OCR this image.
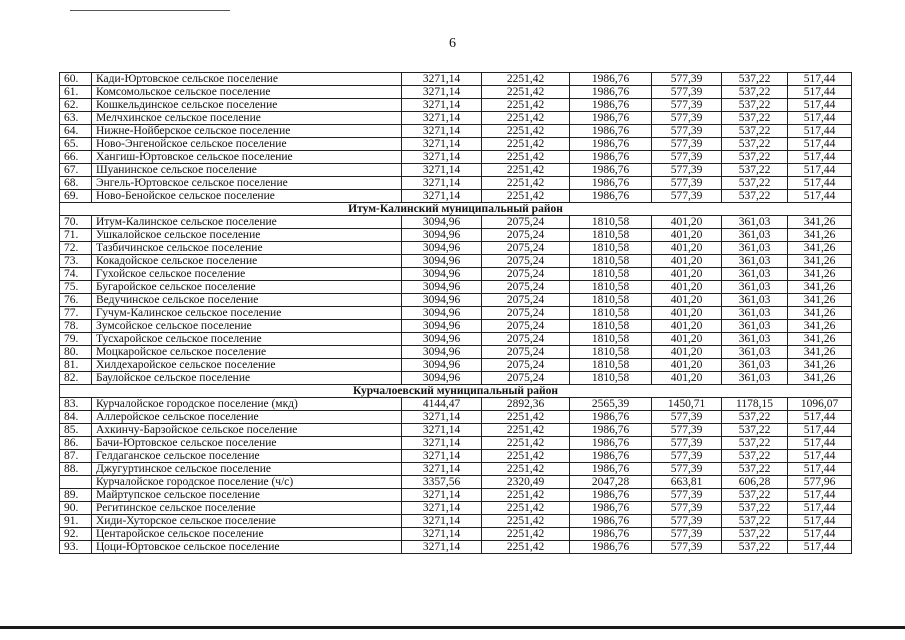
6
60.	Кади-Юртовское сельское поселение	3271,14	2251,42	1986,76	577,39	537,22	517,44
61.	Комсомольское сельское поселение	3271,14	2251,42	1986,76	577,39	537,22	517,44
62.	Кошкельдинское сельское поселение	3271,14	2251,42	1986,76	577,39	537,22	517,44
63.	Мелчхинское сельское поселение	3271,14	2251,42	1986,76	577,39	537,22	517,44
64.	Нижне-Нойберское сельское поселение	3271,14	2251,42	1986,76	577,39	537,22	517,44
65.	Ново-Энгенойское сельское поселение	3271,14	2251,42	1986,76	577,39	537,22	517,44
66.	Хангиш-Юртовское сельское поселение	3271,14	2251,42	1986,76	577,39	537,22	517,44
67.	Шуанинское сельское поселение	3271,14	2251,42	1986,76	577,39	537,22	517,44
68.	Энгель-Юртовское сельское поселение	3271,14	2251,42	1986,76	577,39	537,22	517,44
69.	Ново-Бенойское сельское поселение	3271,14	2251,42	1986,76	577,39	537,22	517,44
Итум-Калинский муниципальный район							
70.	Итум-Калинское сельское поселение	3094,96	2075,24	1810,58	401,20	361,03	341,26
71.	Ушкалойское сельское поселение	3094,96	2075,24	1810,58	401,20	361,03	341,26
72.	Тазбичинское сельское поселение	3094,96	2075,24	1810,58	401,20	361,03	341,26
73.	Кокадойское сельское поселение	3094,96	2075,24	1810,58	401,20	361,03	341,26
74.	Гухойское сельское поселение	3094,96	2075,24	1810,58	401,20	361,03	341,26
75.	Бугаройское сельское поселение	3094,96	2075,24	1810,58	401,20	361,03	341,26
76.	Ведучинское сельское поселение	3094,96	2075,24	1810,58	401,20	361,03	341,26
77.	Гучум-Калинское сельское поселение	3094,96	2075,24	1810,58	401,20	361,03	341,26
78.	Зумсойское сельское поселение	3094,96	2075,24	1810,58	401,20	361,03	341,26
79.	Тусхаройское сельское поселение	3094,96	2075,24	1810,58	401,20	361,03	341,26
80.	Моцкаройское сельское поселение	3094,96	2075,24	1810,58	401,20	361,03	341,26
81.	Хилдехаройское сельское поселение	3094,96	2075,24	1810,58	401,20	361,03	341,26
82.	Баулойское сельское поселение	3094,96	2075,24	1810,58	401,20	361,03	341,26
Курчалоевский муниципальный район							
83.	Курчалойское городское поселение (мкд)	4144,47	2892,36	2565,39	1450,71	1178,15	1096,07
84.	Аллеройское сельское поселение	3271,14	2251,42	1986,76	577,39	537,22	517,44
85.	Ахкинчу-Барзойское сельское поселение	3271,14	2251,42	1986,76	577,39	537,22	517,44
86.	Бачи-Юртовское сельское поселение	3271,14	2251,42	1986,76	577,39	537,22	517,44
87.	Гелдаганское сельское поселение	3271,14	2251,42	1986,76	577,39	537,22	517,44
88.	Джугуртинское сельское поселение	3271,14	2251,42	1986,76	577,39	537,22	517,44
	Курчалойское городское поселение (ч/с)	3357,56	2320,49	2047,28	663,81	606,28	577,96
89.	Майртупское сельское поселение	3271,14	2251,42	1986,76	577,39	537,22	517,44
90.	Регитинское сельское поселение	3271,14	2251,42	1986,76	577,39	537,22	517,44
91.	Хиди-Хуторское сельское поселение	3271,14	2251,42	1986,76	577,39	537,22	517,44
92.	Центаройское сельское поселение	3271,14	2251,42	1986,76	577,39	537,22	517,44
93.	Цоци-Юртовское сельское поселение	3271,14	2251,42	1986,76	577,39	537,22	517,44
